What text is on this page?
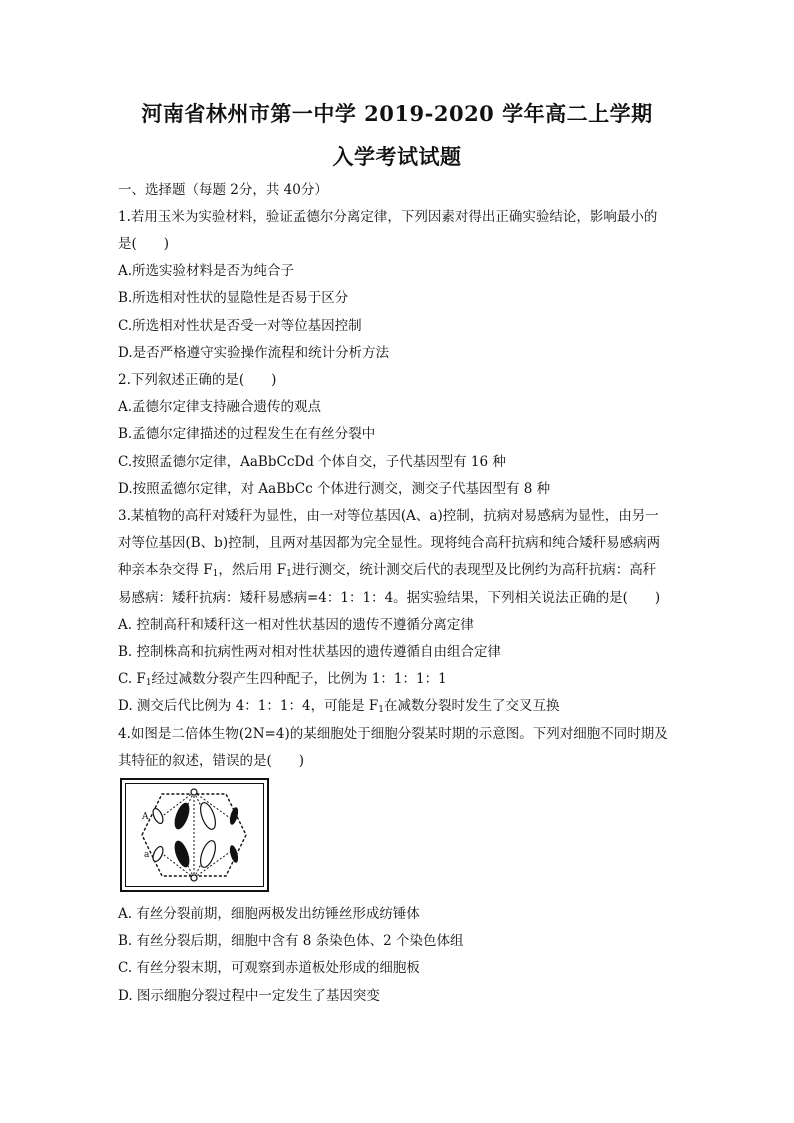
河南省林州市第一中学 2019-2020 学年高二上学期
入学考试试题
一、选择题（每题 2分，共 40分）
1.若用玉米为实验材料，验证孟德尔分离定律，下列因素对得出正确实验结论，影响最小的
是(　　)
A.所选实验材料是否为纯合子
B.所选相对性状的显隐性是否易于区分
C.所选相对性状是否受一对等位基因控制
D.是否严格遵守实验操作流程和统计分析方法
2.下列叙述正确的是(　　)
A.孟德尔定律支持融合遗传的观点
B.孟德尔定律描述的过程发生在有丝分裂中
C.按照孟德尔定律，AaBbCcDd 个体自交，子代基因型有 16 种
D.按照孟德尔定律，对 AaBbCc 个体进行测交，测交子代基因型有 8 种
3.某植物的高秆对矮秆为显性，由一对等位基因(A、a)控制，抗病对易感病为显性，由另一
对等位基因(B、b)控制，且两对基因都为完全显性。现将纯合高秆抗病和纯合矮秆易感病两
种亲本杂交得 $F_1$，然后用 $F_1$进行测交，统计测交后代的表现型及比例约为高秆抗病：高秆
易感病：矮秆抗病：矮秆易感病=4：1：1：4。据实验结果，下列相关说法正确的是(　　)
A. 控制高秆和矮秆这一相对性状基因的遗传不遵循分离定律
B. 控制株高和抗病性两对相对性状基因的遗传遵循自由组合定律
C. $F_1$经过减数分裂产生四种配子，比例为 1：1：1：1
D. 测交后代比例为 4：1：1：4，可能是 $F_1$在减数分裂时发生了交叉互换
4.如图是二倍体生物(2N=4)的某细胞处于细胞分裂某时期的示意图。下列对细胞不同时期及
其特征的叙述，错误的是(　　)
A
a
A. 有丝分裂前期，细胞两极发出纺锤丝形成纺锤体
B. 有丝分裂后期，细胞中含有 8 条染色体、2 个染色体组
C. 有丝分裂末期，可观察到赤道板处形成的细胞板
D. 图示细胞分裂过程中一定发生了基因突变
